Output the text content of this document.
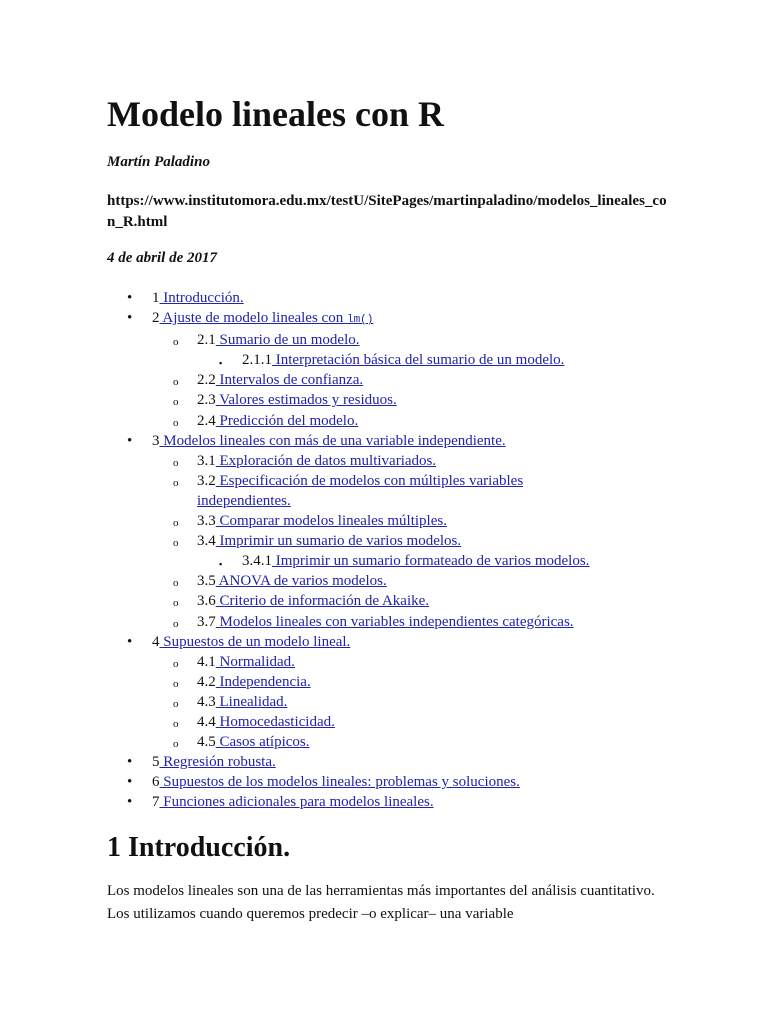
Modelo lineales con R

Martín Paladino

https://www.institutomora.edu.mx/testU/SitePages/martinpaladino/modelos_lineales_con_R.html

4 de abril de 2017

• 1 Introducción.
• 2 Ajuste de modelo lineales con lm()
o 2.1 Sumario de un modelo.
▪ 2.1.1 Interpretación básica del sumario de un modelo.
o 2.2 Intervalos de confianza.
o 2.3 Valores estimados y residuos.
o 2.4 Predicción del modelo.
• 3 Modelos lineales con más de una variable independiente.
o 3.1 Exploración de datos multivariados.
o 3.2 Especificación de modelos con múltiples variables independientes.
o 3.3 Comparar modelos lineales múltiples.
o 3.4 Imprimir un sumario de varios modelos.
▪ 3.4.1 Imprimir un sumario formateado de varios modelos.
o 3.5 ANOVA de varios modelos.
o 3.6 Criterio de información de Akaike.
o 3.7 Modelos lineales con variables independientes categóricas.
• 4 Supuestos de un modelo lineal.
o 4.1 Normalidad.
o 4.2 Independencia.
o 4.3 Linealidad.
o 4.4 Homocedasticidad.
o 4.5 Casos atípicos.
• 5 Regresión robusta.
• 6 Supuestos de los modelos lineales: problemas y soluciones.
• 7 Funciones adicionales para modelos lineales.
1 Introducción.

Los modelos lineales son una de las herramientas más importantes del análisis cuantitativo. Los utilizamos cuando queremos predecir –o explicar– una variable
